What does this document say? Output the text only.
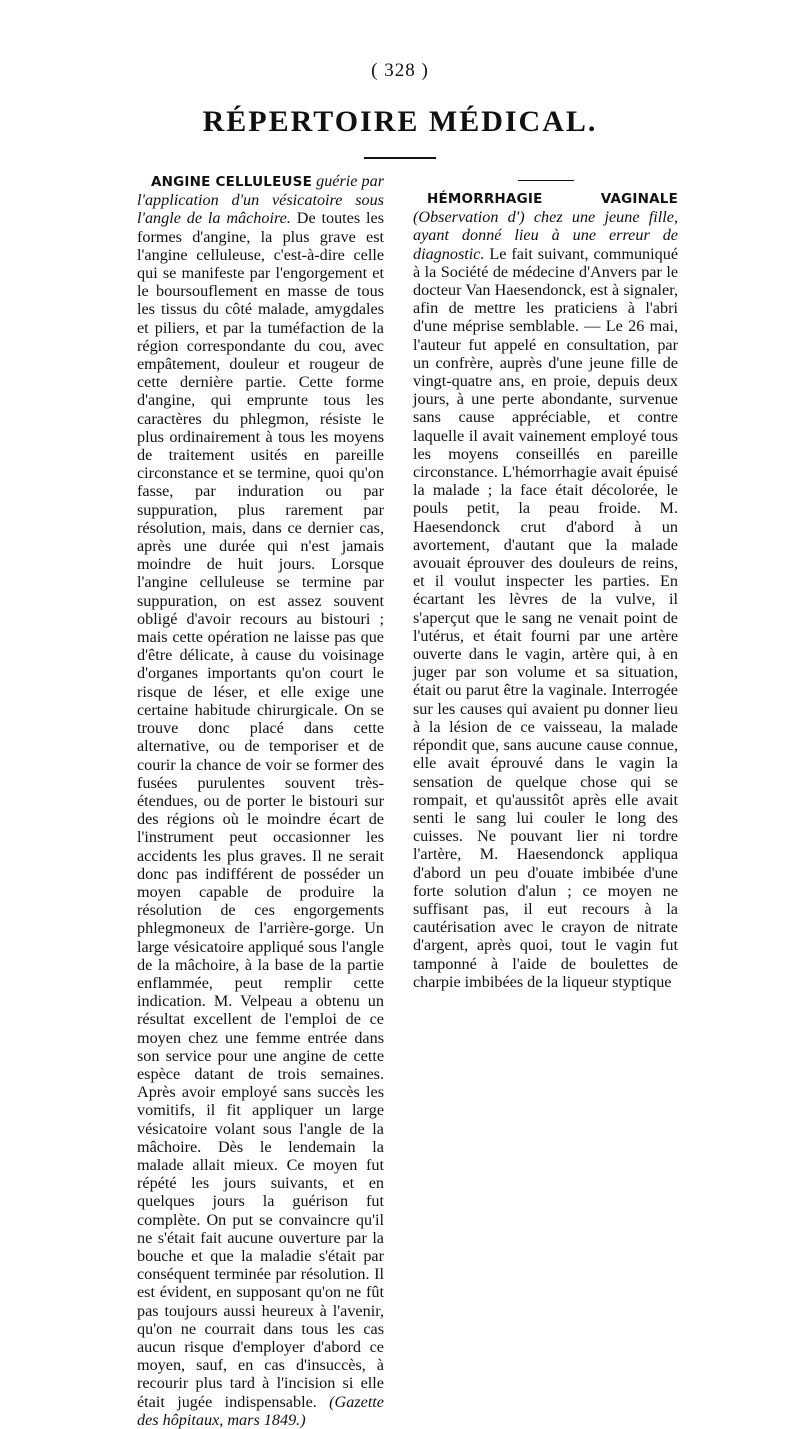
( 328 )
RÉPERTOIRE MÉDICAL.

ANGINE CELLULEUSE guérie par l'application d'un vésicatoire sous l'angle de la mâchoire. De toutes les formes d'angine, la plus grave est l'angine celluleuse, c'est-à-dire celle qui se manifeste par l'engorgement et le boursouflement en masse de tous les tissus du côté malade, amygdales et piliers, et par la tuméfaction de la région correspondante du cou, avec empâtement, douleur et rougeur de cette dernière partie. Cette forme d'angine, qui emprunte tous les caractères du phlegmon, résiste le plus ordinairement à tous les moyens de traitement usités en pareille circonstance et se termine, quoi qu'on fasse, par induration ou par suppuration, plus rarement par résolution, mais, dans ce dernier cas, après une durée qui n'est jamais moindre de huit jours. Lorsque l'angine celluleuse se termine par suppuration, on est assez souvent obligé d'avoir recours au bistouri ; mais cette opération ne laisse pas que d'être délicate, à cause du voisinage d'organes importants qu'on court le risque de léser, et elle exige une certaine habitude chirurgicale. On se trouve donc placé dans cette alternative, ou de temporiser et de courir la chance de voir se former des fusées purulentes souvent très-étendues, ou de porter le bistouri sur des régions où le moindre écart de l'instrument peut occasionner les accidents les plus graves. Il ne serait donc pas indifférent de posséder un moyen capable de produire la résolution de ces engorgements phlegmoneux de l'arrière-gorge. Un large vésicatoire appliqué sous l'angle de la mâchoire, à la base de la partie enflammée, peut remplir cette indication. M. Velpeau a obtenu un résultat excellent de l'emploi de ce moyen chez une femme entrée dans son service pour une angine de cette espèce datant de trois semaines. Après avoir employé sans succès les vomitifs, il fit appliquer un large vésicatoire volant sous l'angle de la mâchoire. Dès le lendemain la malade allait mieux. Ce moyen fut répété les jours suivants, et en quelques jours la guérison fut complète. On put se convaincre qu'il ne s'était fait aucune ouverture par la bouche et que la maladie s'était par conséquent terminée par résolution. Il est évident, en supposant qu'on ne fût pas toujours aussi heureux à l'avenir, qu'on ne courrait dans tous les cas aucun risque d'employer d'abord ce moyen, sauf, en cas d'insuccès, à recourir plus tard à l'incision si elle était jugée indispensable. (Gazette des hôpitaux, mars 1849.)

HÉMORRHAGIE VAGINALE (Observation d') chez une jeune fille, ayant donné lieu à une erreur de diagnostic. Le fait suivant, communiqué à la Société de médecine d'Anvers par le docteur Van Haesendonck, est à signaler, afin de mettre les praticiens à l'abri d'une méprise semblable. — Le 26 mai, l'auteur fut appelé en consultation, par un confrère, auprès d'une jeune fille de vingt-quatre ans, en proie, depuis deux jours, à une perte abondante, survenue sans cause appréciable, et contre laquelle il avait vainement employé tous les moyens conseillés en pareille circonstance. L'hémorrhagie avait épuisé la malade ; la face était décolorée, le pouls petit, la peau froide. M. Haesendonck crut d'abord à un avortement, d'autant que la malade avouait éprouver des douleurs de reins, et il voulut inspecter les parties. En écartant les lèvres de la vulve, il s'aperçut que le sang ne venait point de l'utérus, et était fourni par une artère ouverte dans le vagin, artère qui, à en juger par son volume et sa situation, était ou parut être la vaginale. Interrogée sur les causes qui avaient pu donner lieu à la lésion de ce vaisseau, la malade répondit que, sans aucune cause connue, elle avait éprouvé dans le vagin la sensation de quelque chose qui se rompait, et qu'aussitôt après elle avait senti le sang lui couler le long des cuisses. Ne pouvant lier ni tordre l'artère, M. Haesendonck appliqua d'abord un peu d'ouate imbibée d'une forte solution d'alun ; ce moyen ne suffisant pas, il eut recours à la cautérisation avec le crayon de nitrate d'argent, après quoi, tout le vagin fut tamponné à l'aide de boulettes de charpie imbibées de la liqueur styptique
